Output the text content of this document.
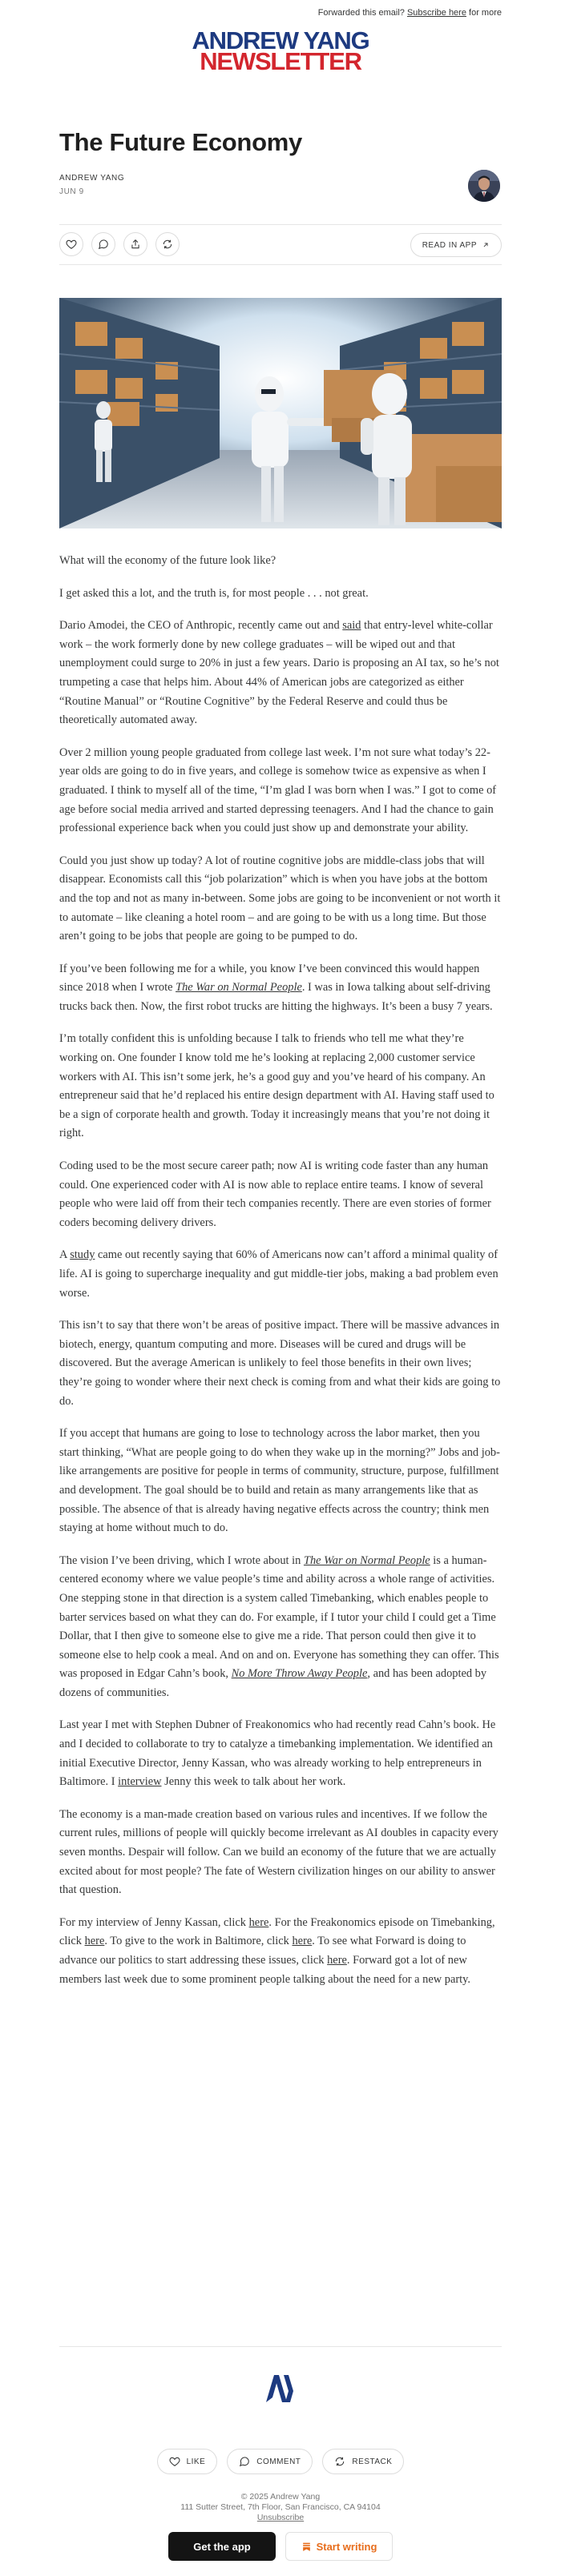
Forwarded this email? Subscribe here for more
ANDREW YANG
NEWSLETTER
The Future Economy
ANDREW YANG
JUN 9
READ IN APP

What will the economy of the future look like?

I get asked this a lot, and the truth is, for most people . . . not great.

Dario Amodei, the CEO of Anthropic, recently came out and said that entry-level white-collar work – the work formerly done by new college graduates – will be wiped out and that unemployment could surge to 20% in just a few years. Dario is proposing an AI tax, so he’s not trumpeting a case that helps him. About 44% of American jobs are categorized as either “Routine Manual” or “Routine Cognitive” by the Federal Reserve and could thus be theoretically automated away.

Over 2 million young people graduated from college last week. I’m not sure what today’s 22-year olds are going to do in five years, and college is somehow twice as expensive as when I graduated. I think to myself all of the time, “I’m glad I was born when I was.” I got to come of age before social media arrived and started depressing teenagers. And I had the chance to gain professional experience back when you could just show up and demonstrate your ability.

Could you just show up today? A lot of routine cognitive jobs are middle-class jobs that will disappear. Economists call this “job polarization” which is when you have jobs at the bottom and the top and not as many in-between. Some jobs are going to be inconvenient or not worth it to automate – like cleaning a hotel room – and are going to be with us a long time. But those aren’t going to be jobs that people are going to be pumped to do.

If you’ve been following me for a while, you know I’ve been convinced this would happen since 2018 when I wrote The War on Normal People. I was in Iowa talking about self-driving trucks back then. Now, the first robot trucks are hitting the highways. It’s been a busy 7 years.

I’m totally confident this is unfolding because I talk to friends who tell me what they’re working on. One founder I know told me he’s looking at replacing 2,000 customer service workers with AI. This isn’t some jerk, he’s a good guy and you’ve heard of his company. An entrepreneur said that he’d replaced his entire design department with AI. Having staff used to be a sign of corporate health and growth. Today it increasingly means that you’re not doing it right.

Coding used to be the most secure career path; now AI is writing code faster than any human could. One experienced coder with AI is now able to replace entire teams. I know of several people who were laid off from their tech companies recently. There are even stories of former coders becoming delivery drivers.

A study came out recently saying that 60% of Americans now can’t afford a minimal quality of life. AI is going to supercharge inequality and gut middle-tier jobs, making a bad problem even worse.

This isn’t to say that there won’t be areas of positive impact. There will be massive advances in biotech, energy, quantum computing and more. Diseases will be cured and drugs will be discovered. But the average American is unlikely to feel those benefits in their own lives; they’re going to wonder where their next check is coming from and what their kids are going to do.

If you accept that humans are going to lose to technology across the labor market, then you start thinking, “What are people going to do when they wake up in the morning?” Jobs and job-like arrangements are positive for people in terms of community, structure, purpose, fulfillment and development. The goal should be to build and retain as many arrangements like that as possible. The absence of that is already having negative effects across the country; think men staying at home without much to do.

The vision I’ve been driving, which I wrote about in The War on Normal People is a human-centered economy where we value people’s time and ability across a whole range of activities. One stepping stone in that direction is a system called Timebanking, which enables people to barter services based on what they can do. For example, if I tutor your child I could get a Time Dollar, that I then give to someone else to give me a ride. That person could then give it to someone else to help cook a meal. And on and on. Everyone has something they can offer. This was proposed in Edgar Cahn’s book, No More Throw Away People, and has been adopted by dozens of communities.

Last year I met with Stephen Dubner of Freakonomics who had recently read Cahn’s book. He and I decided to collaborate to try to catalyze a timebanking implementation. We identified an initial Executive Director, Jenny Kassan, who was already working to help entrepreneurs in Baltimore. I interview Jenny this week to talk about her work.

The economy is a man-made creation based on various rules and incentives. If we follow the current rules, millions of people will quickly become irrelevant as AI doubles in capacity every seven months. Despair will follow. Can we build an economy of the future that we are actually excited about for most people? The fate of Western civilization hinges on our ability to answer that question.

For my interview of Jenny Kassan, click here. For the Freakonomics episode on Timebanking, click here. To give to the work in Baltimore, click here. To see what Forward is doing to advance our politics to start addressing these issues, click here. Forward got a lot of new members last week due to some prominent people talking about the need for a new party.

LIKE	COMMENT	RESTACK
© 2025 Andrew Yang
111 Sutter Street, 7th Floor, San Francisco, CA 94104
Unsubscribe
Get the app	Start writing
